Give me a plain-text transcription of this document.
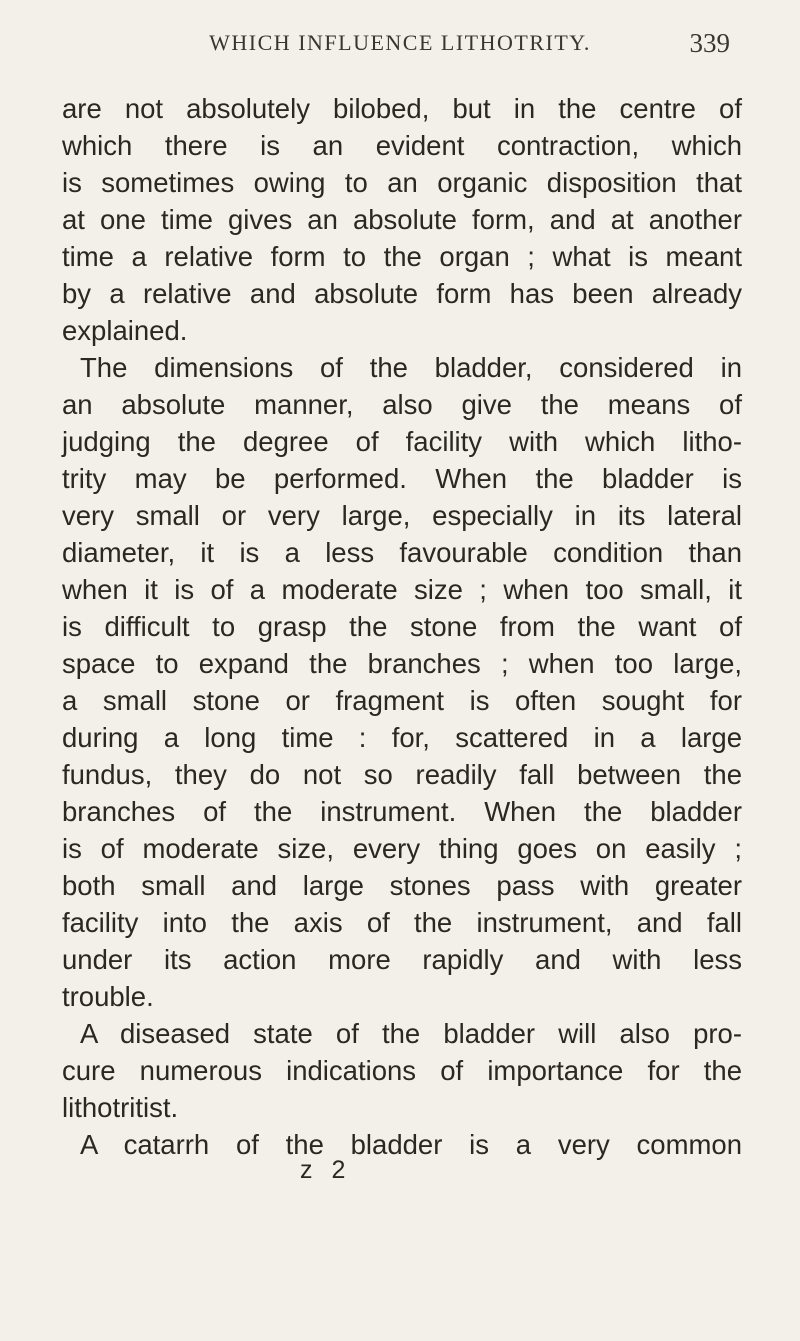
WHICH INFLUENCE LITHOTRITY.	339
are not absolutely bilobed, but in the centre of
which there is an evident contraction, which
is sometimes owing to an organic disposition that
at one time gives an absolute form, and at another
time a relative form to the organ ; what is meant
by a relative and absolute form has been already
explained.
The dimensions of the bladder, considered in
an absolute manner, also give the means of
judging the degree of facility with which litho-
trity may be performed. When the bladder is
very small or very large, especially in its lateral
diameter, it is a less favourable condition than
when it is of a moderate size ; when too small, it
is difficult to grasp the stone from the want of
space to expand the branches ; when too large,
a small stone or fragment is often sought for
during a long time : for, scattered in a large
fundus, they do not so readily fall between the
branches of the instrument. When the bladder
is of moderate size, every thing goes on easily ;
both small and large stones pass with greater
facility into the axis of the instrument, and fall
under its action more rapidly and with less
trouble.
A diseased state of the bladder will also pro-
cure numerous indications of importance for the
lithotritist.
A catarrh of the bladder is a very common
z 2
